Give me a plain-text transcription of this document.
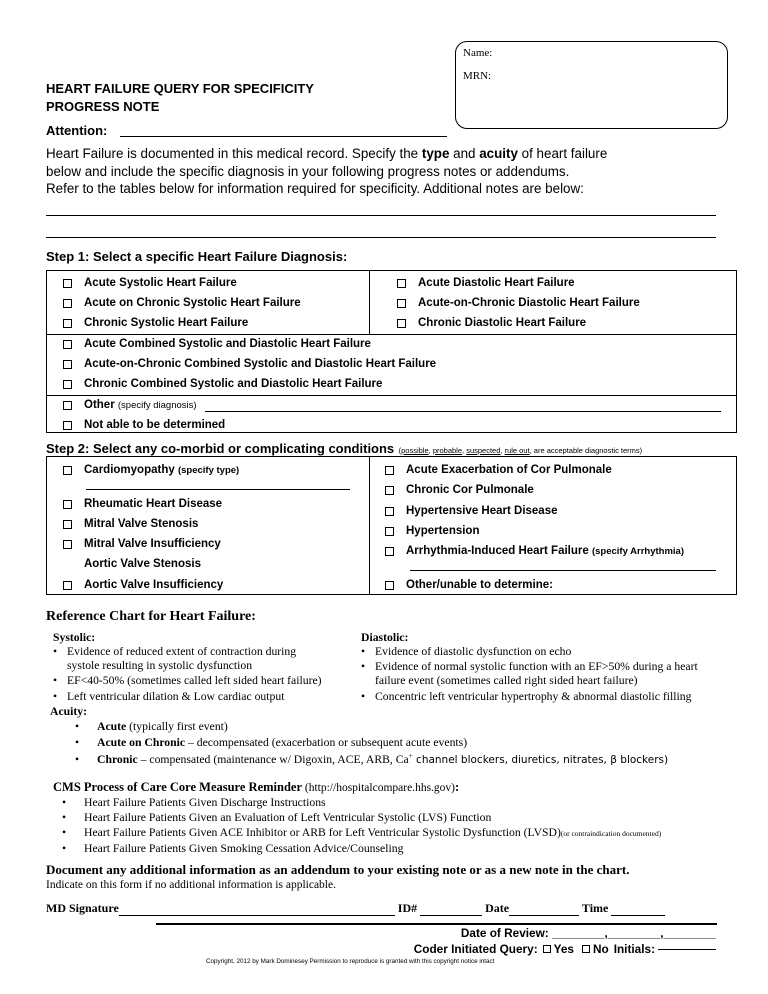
Name:
MRN:
HEART FAILURE QUERY FOR SPECIFICITY
PROGRESS NOTE
Attention:
Heart Failure is documented in this medical record. Specify the type and acuity of heart failure
below and include the specific diagnosis in your following progress notes or addendums.
Refer to the tables below for information required for specificity. Additional notes are below:
Step 1: Select a specific Heart Failure Diagnosis:
Acute Systolic Heart Failure
Acute on Chronic Systolic Heart Failure
Chronic Systolic Heart Failure
Acute Diastolic Heart Failure
Acute-on-Chronic Diastolic Heart Failure
Chronic Diastolic Heart Failure
Acute Combined Systolic and Diastolic Heart Failure
Acute-on-Chronic Combined Systolic and Diastolic Heart Failure
Chronic Combined Systolic and Diastolic Heart Failure
Other
(specify diagnosis)
Not able to be determined
Step 2: Select any co-morbid or complicating conditions (possible, probable, suspected, rule out, are acceptable diagnostic terms)
Cardiomyopathy
(specify type)
Rheumatic Heart Disease
Mitral Valve Stenosis
Mitral Valve Insufficiency
Aortic Valve Stenosis
Aortic Valve Insufficiency
Acute Exacerbation of Cor Pulmonale
Chronic Cor Pulmonale
Hypertensive Heart Disease
Hypertension
Arrhythmia-Induced Heart Failure
(specify Arrhythmia)
Other/unable to determine:
Reference Chart for Heart Failure:
Systolic:
• Evidence of reduced extent of contraction during
systole resulting in systolic dysfunction
• EF<40-50% (sometimes called left sided heart failure)
• Left ventricular dilation & Low cardiac output
Diastolic:
• Evidence of diastolic dysfunction on echo
• Evidence of normal systolic function with an EF>50% during a heart
failure event (sometimes called right sided heart failure)
• Concentric left ventricular hypertrophy & abnormal diastolic filling
Acuity:
• Acute (typically first event)
• Acute on Chronic – decompensated (exacerbation or subsequent acute events)
• Chronic – compensated (maintenance w/ Digoxin, ACE, ARB, Ca+ channel blockers, diuretics, nitrates, β blockers)
CMS Process of Care Core Measure Reminder (http://hospitalcompare.hhs.gov):
• Heart Failure Patients Given Discharge Instructions
• Heart Failure Patients Given an Evaluation of Left Ventricular Systolic (LVS) Function
• Heart Failure Patients Given ACE Inhibitor or ARB for Left Ventricular Systolic Dysfunction (LVSD)(or contraindication documented)
• Heart Failure Patients Given Smoking Cessation Advice/Counseling
Document any additional information as an addendum to your existing note or as a new note in the chart.
Indicate on this form if no additional information is applicable.
MD Signature	ID#	Date	Time
Date of Review: ________,________,________
Coder Initiated Query: Yes No Initials:
Copyright, 2012 by Mark Dominesey Permission to reproduce is granted with this copyright notice intact
